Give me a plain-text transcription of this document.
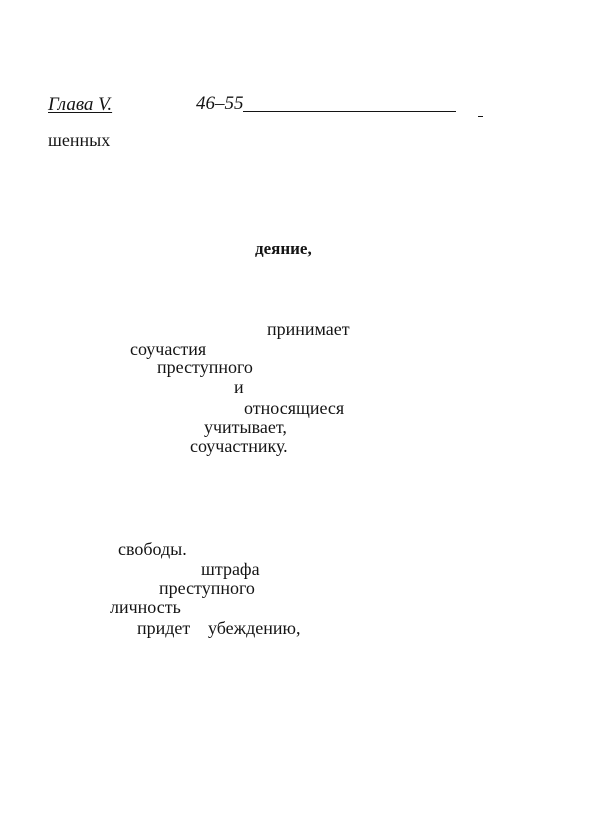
Глава V.	46–55
шенных
деяние,
принимает
соучастия
преступного
и
относящиеся
учитывает,
соучастнику.
свободы.
штрафа
преступного
личность
придет убеждению,
